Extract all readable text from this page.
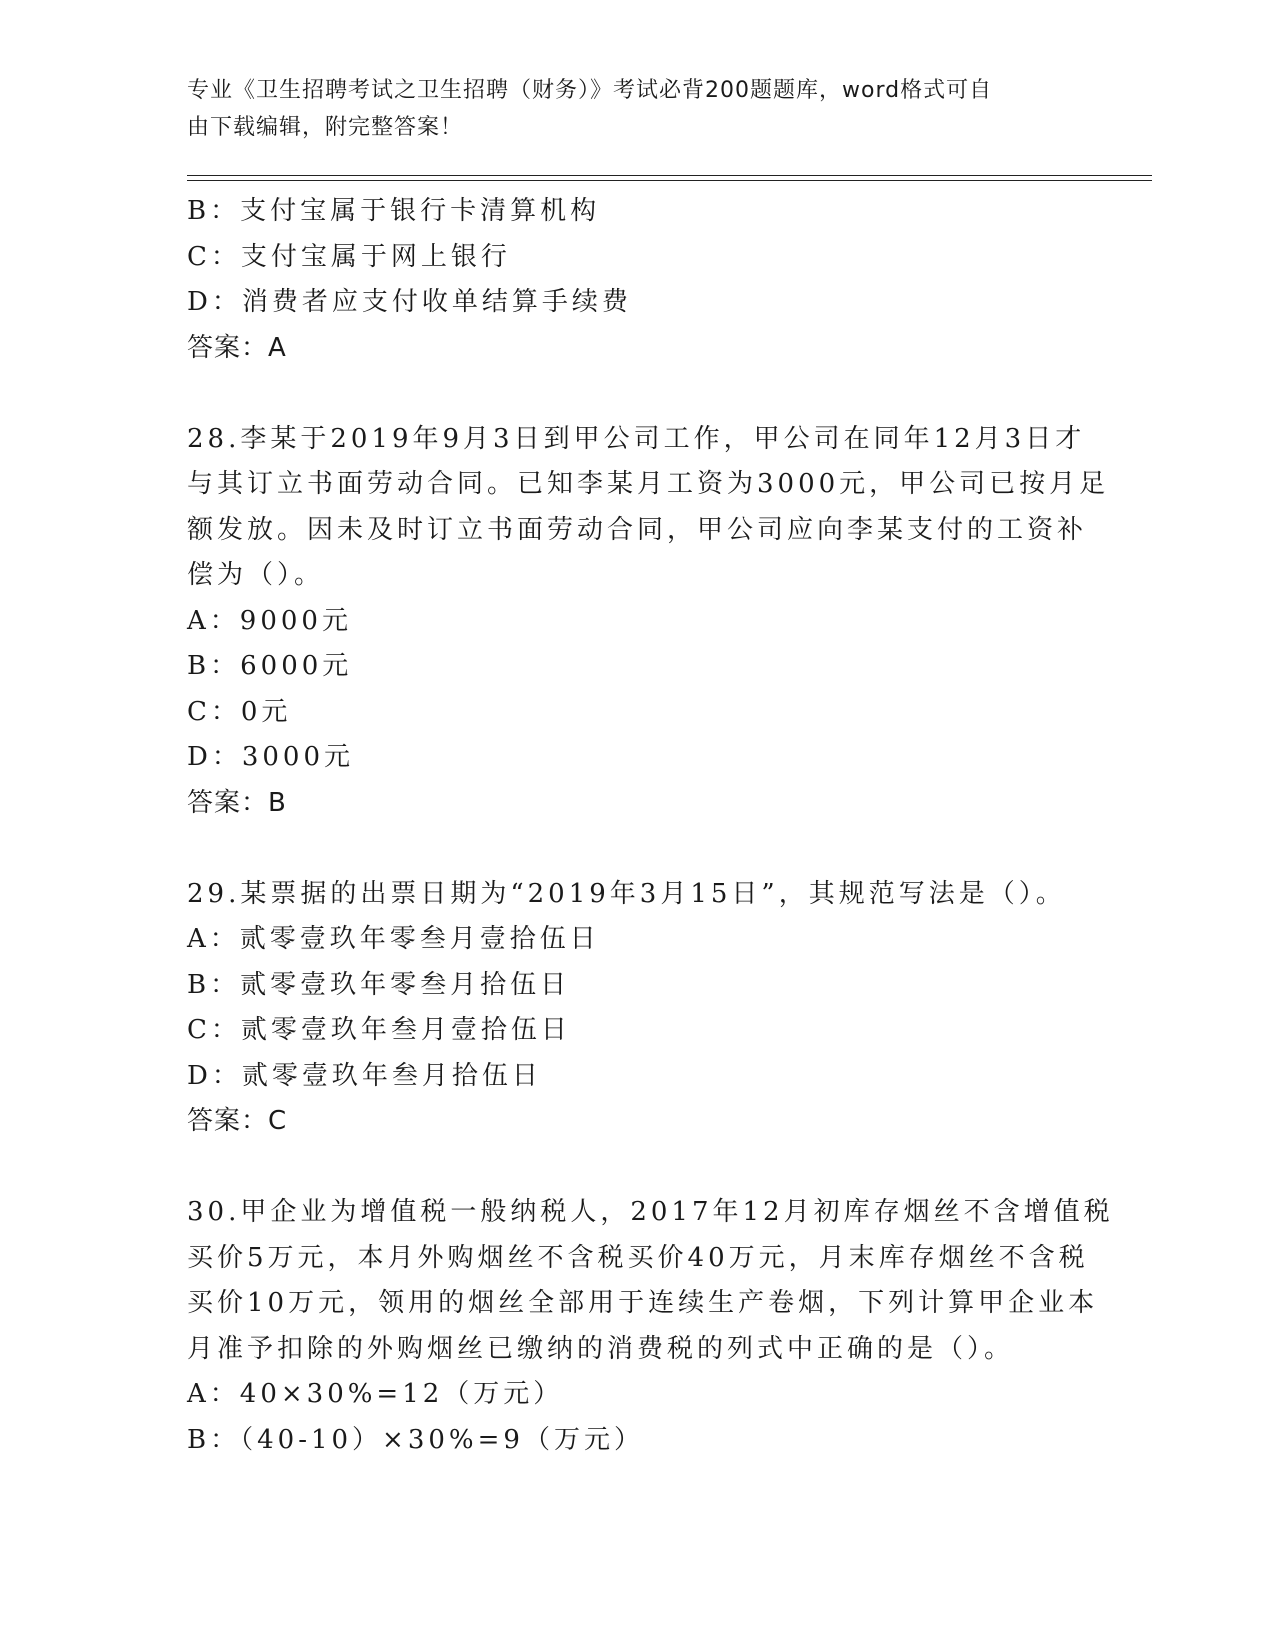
专业《卫生招聘考试之卫生招聘（财务）》考试必背200题题库，word格式可自
由下载编辑，附完整答案！
B：支付宝属于银行卡清算机构
C：支付宝属于网上银行
D：消费者应支付收单结算手续费
答案：A
28.李某于2019年9月3日到甲公司工作，甲公司在同年12月3日才
与其订立书面劳动合同。已知李某月工资为3000元，甲公司已按月足
额发放。因未及时订立书面劳动合同，甲公司应向李某支付的工资补
偿为（）。
A：9000元
B：6000元
C：0元
D：3000元
答案：B
29.某票据的出票日期为“2019年3月15日”，其规范写法是（）。
A：贰零壹玖年零叁月壹拾伍日
B：贰零壹玖年零叁月拾伍日
C：贰零壹玖年叁月壹拾伍日
D：贰零壹玖年叁月拾伍日
答案：C
30.甲企业为增值税一般纳税人，2017年12月初库存烟丝不含增值税
买价5万元，本月外购烟丝不含税买价40万元，月末库存烟丝不含税
买价10万元，领用的烟丝全部用于连续生产卷烟，下列计算甲企业本
月准予扣除的外购烟丝已缴纳的消费税的列式中正确的是（）。
A：40×30%=12（万元）
B：（40-10）×30%=9（万元）
